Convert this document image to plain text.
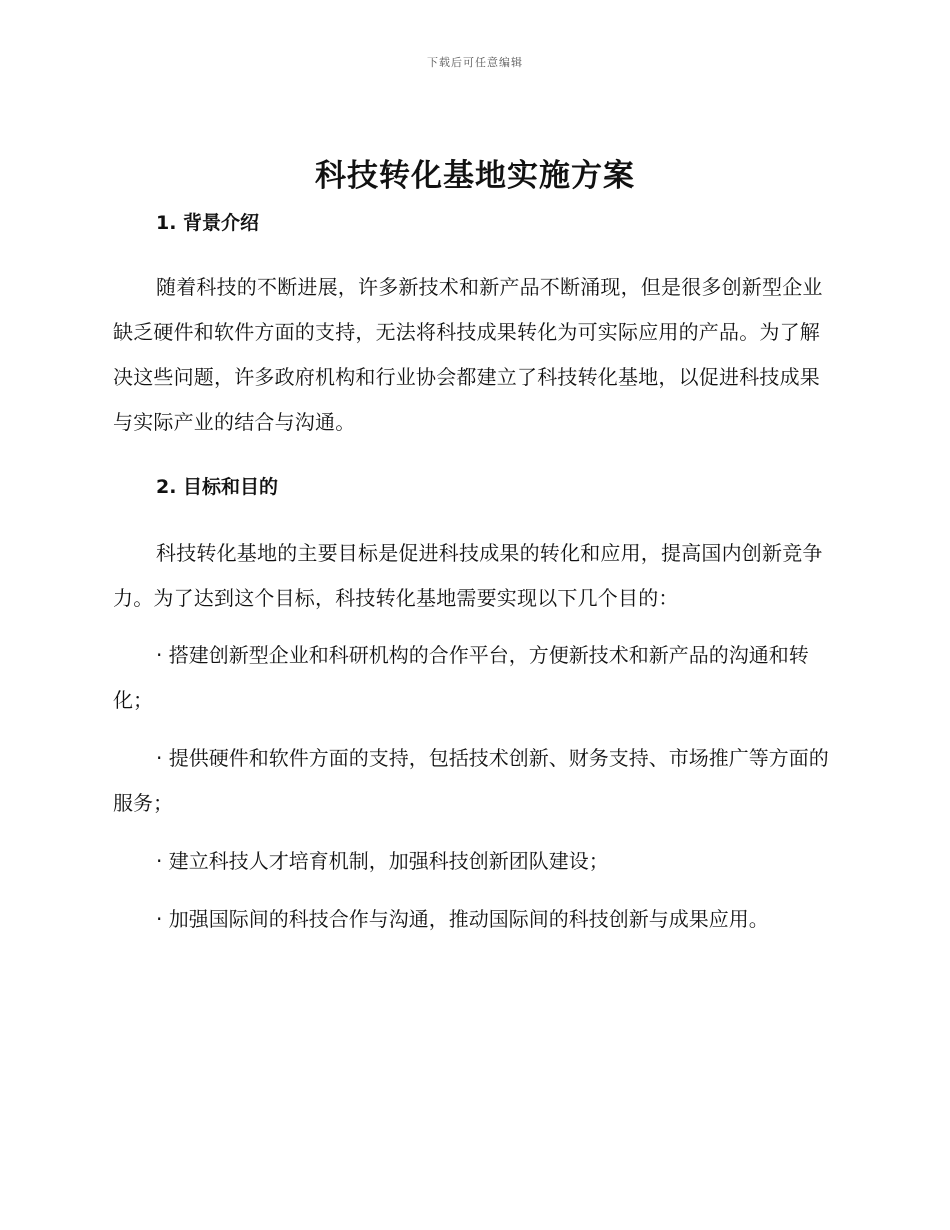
下载后可任意编辑
科技转化基地实施方案
1. 背景介绍

随着科技的不断进展，许多新技术和新产品不断涌现，但是很多创新型企业缺乏硬件和软件方面的支持，无法将科技成果转化为可实际应用的产品。为了解决这些问题，许多政府机构和行业协会都建立了科技转化基地，以促进科技成果与实际产业的结合与沟通。

2. 目标和目的

科技转化基地的主要目标是促进科技成果的转化和应用，提高国内创新竞争力。为了达到这个目标，科技转化基地需要实现以下几个目的：

· 搭建创新型企业和科研机构的合作平台，方便新技术和新产品的沟通和转化；

· 提供硬件和软件方面的支持，包括技术创新、财务支持、市场推广等方面的服务；

· 建立科技人才培育机制，加强科技创新团队建设；

· 加强国际间的科技合作与沟通，推动国际间的科技创新与成果应用。
